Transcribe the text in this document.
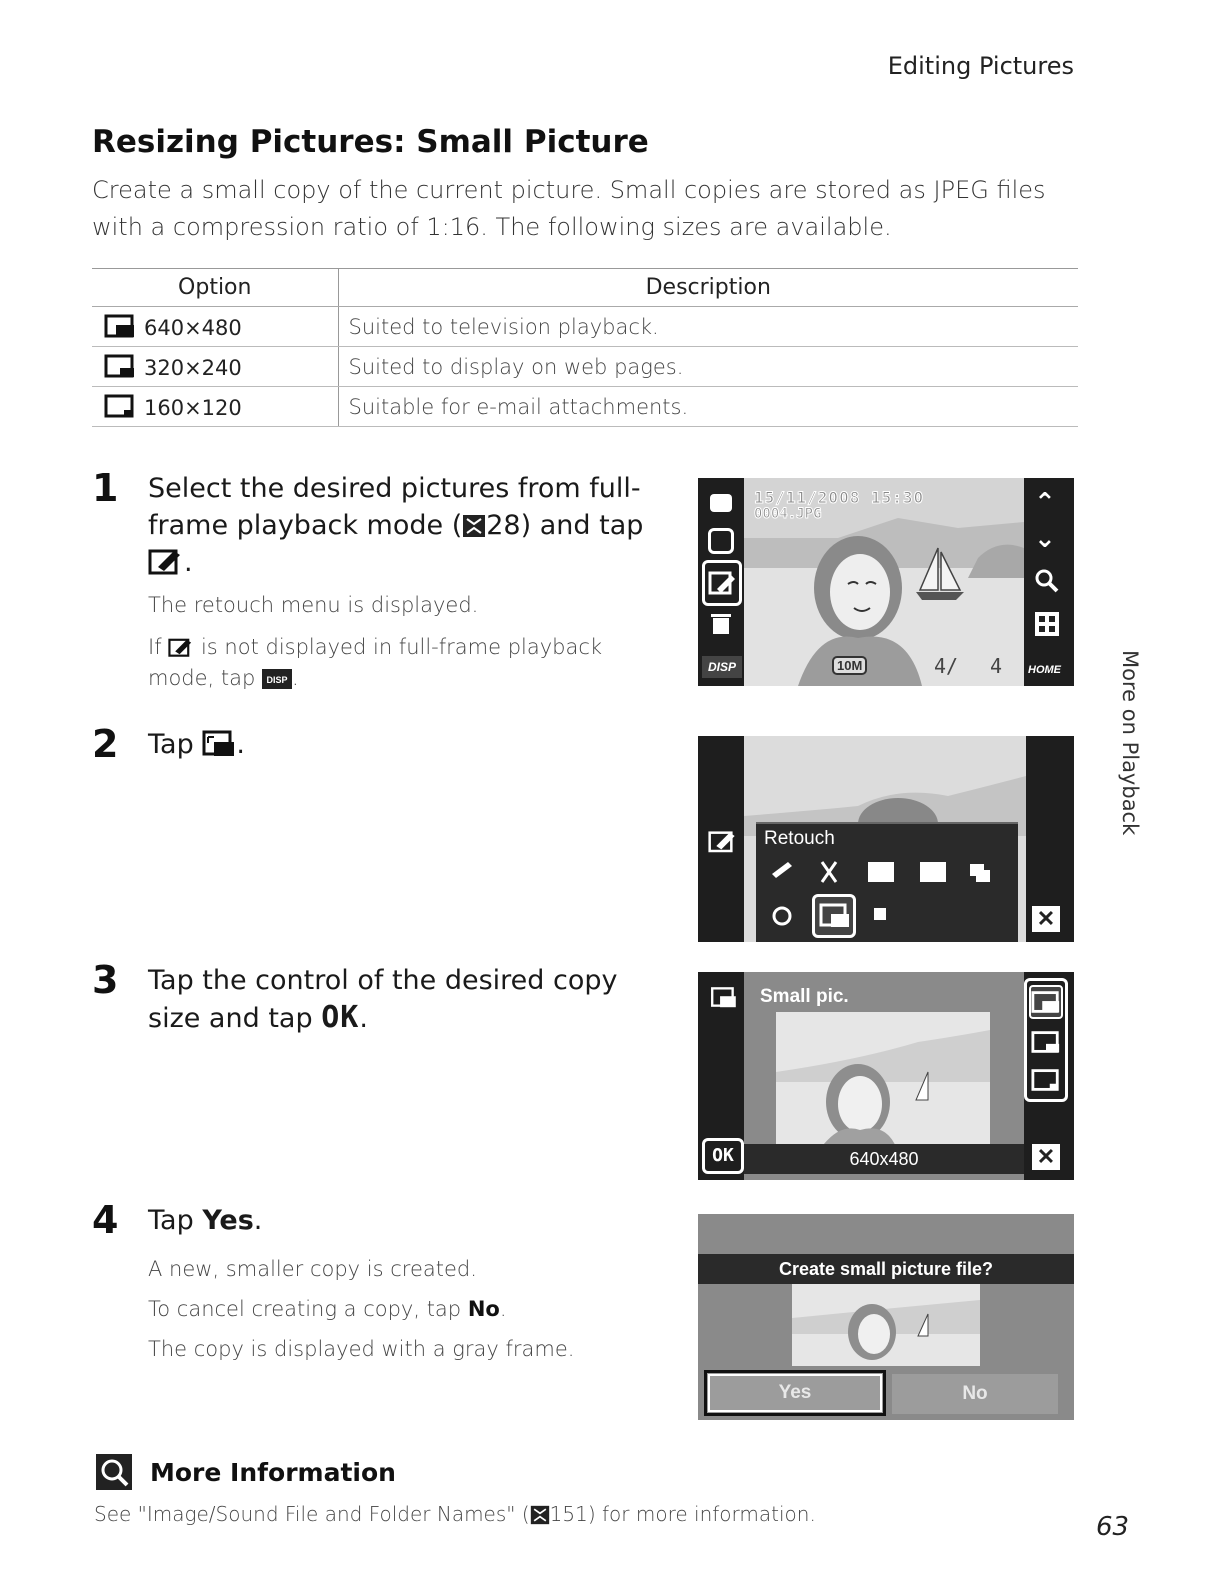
Editing Pictures
More on Playback
Resizing Pictures: Small Picture

Create a small copy of the current picture. Small copies are stored as JPEG files with a compression ratio of 1:16. The following sizes are available.

Option	Description
640×480	Suited to television playback.
320×240	Suited to display on web pages.
160×120	Suitable for e-mail attachments.
1 Select the desired pictures from full-frame playback mode ( 28) and tap
.
The retouch menu is displayed.
If is not displayed in full-frame playback mode, tap DISP .
2 Tap .
3 Tap the control of the desired copy size and tap OK.
4 Tap Yes.
A new, smaller copy is created.
To cancel creating a copy, tap No.
The copy is displayed with a gray frame.
DISP
15/11/2008 15:30
0004.JPG	⌃
⌄
HOME
10M	4/ 4
Retouch
✕
Small pic.
OK	640x480	✕
Create small picture file?
Yes	No
More Information
See "Image/Sound File and Folder Names" ( 151) for more information.	63
